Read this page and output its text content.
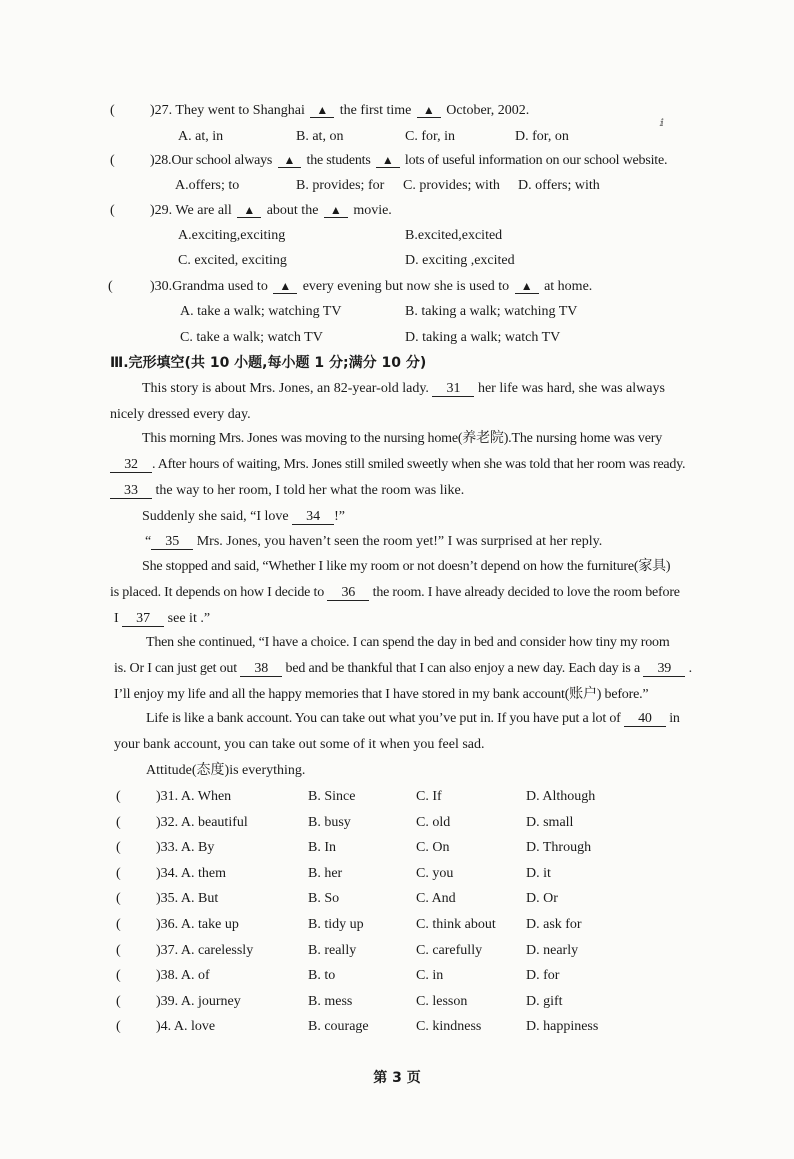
(	)27. They went to Shanghai ▲ the first time ▲ October, 2002.
A. at, in	B. at, on	C. for, in	D. for, on
(	)28.Our school always ▲ the students ▲ lots of useful information on our school website.
A.offers; to	B. provides; for C. provides; with D. offers; with
(	)29. We are all ▲ about the ▲ movie.
A.exciting,exciting	B.excited,excited
C. excited, exciting	D. exciting ,excited
(	)30.Grandma used to ▲ every evening but now she is used to ▲ at home.
A. take a walk; watching TV	B. taking a walk; watching TV
C. take a walk; watch TV	D. taking a walk; watch TV
Ⅲ.完形填空(共 10 小题,每小题 1 分;满分 10 分)
This story is about Mrs. Jones, an 82-year-old lady. 31 her life was hard, she was always
nicely dressed every day.
This morning Mrs. Jones was moving to the nursing home(养老院).The nursing home was very
32 . After hours of waiting, Mrs. Jones still smiled sweetly when she was told that her room was ready.
33 the way to her room, I told her what the room was like.
Suddenly she said, “I love 34 !”
“ 35 Mrs. Jones, you haven’t seen the room yet!” I was surprised at her reply.
She stopped and said, “Whether I like my room or not doesn’t depend on how the furniture(家具)
is placed. It depends on how I decide to 36 the room. I have already decided to love the room before
I 37 see it .”
Then she continued, “I have a choice. I can spend the day in bed and consider how tiny my room
is. Or I can just get out 38 bed and be thankful that I can also enjoy a new day. Each day is a 39 .
I’ll enjoy my life and all the happy memories that I have stored in my bank account(账户) before.”
Life is like a bank account. You can take out what you’ve put in. If you have put a lot of 40 in
your bank account, you can take out some of it when you feel sad.
Attitude(态度)is everything.
(	)31. A. When	B. Since	C. If	D. Although
(	)32. A. beautiful	B. busy	C. old	D. small
(	)33. A. By	B. In	C. On	D. Through
(	)34. A. them	B. her	C. you	D. it
(	)35. A. But	B. So	C. And	D. Or
(	)36. A. take up	B. tidy up	C. think about D. ask for
(	)37. A. carelessly	B. really	C. carefully	D. nearly
(	)38. A. of	B. to	C. in	D. for
(	)39. A. journey	B. mess	C. lesson	D. gift
(	)4. A. love	B. courage	C. kindness	D. happiness
第 3 页
ⅈ
